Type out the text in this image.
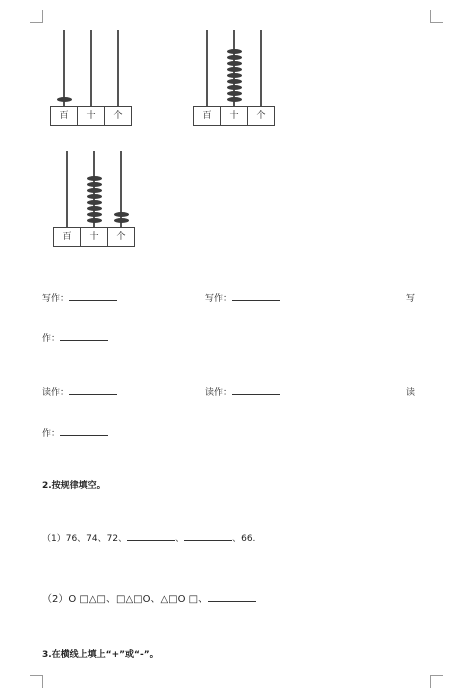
百	十	个	百	十	个
百	十	个
写作：	写作：	写
作：
读作：	读作：	读
作：
2.按规律填空。
（1）76、74、72、	、	、66.
（2）O □△□、□△□O、△□O □、
3.在横线上填上“+”或“-”。
